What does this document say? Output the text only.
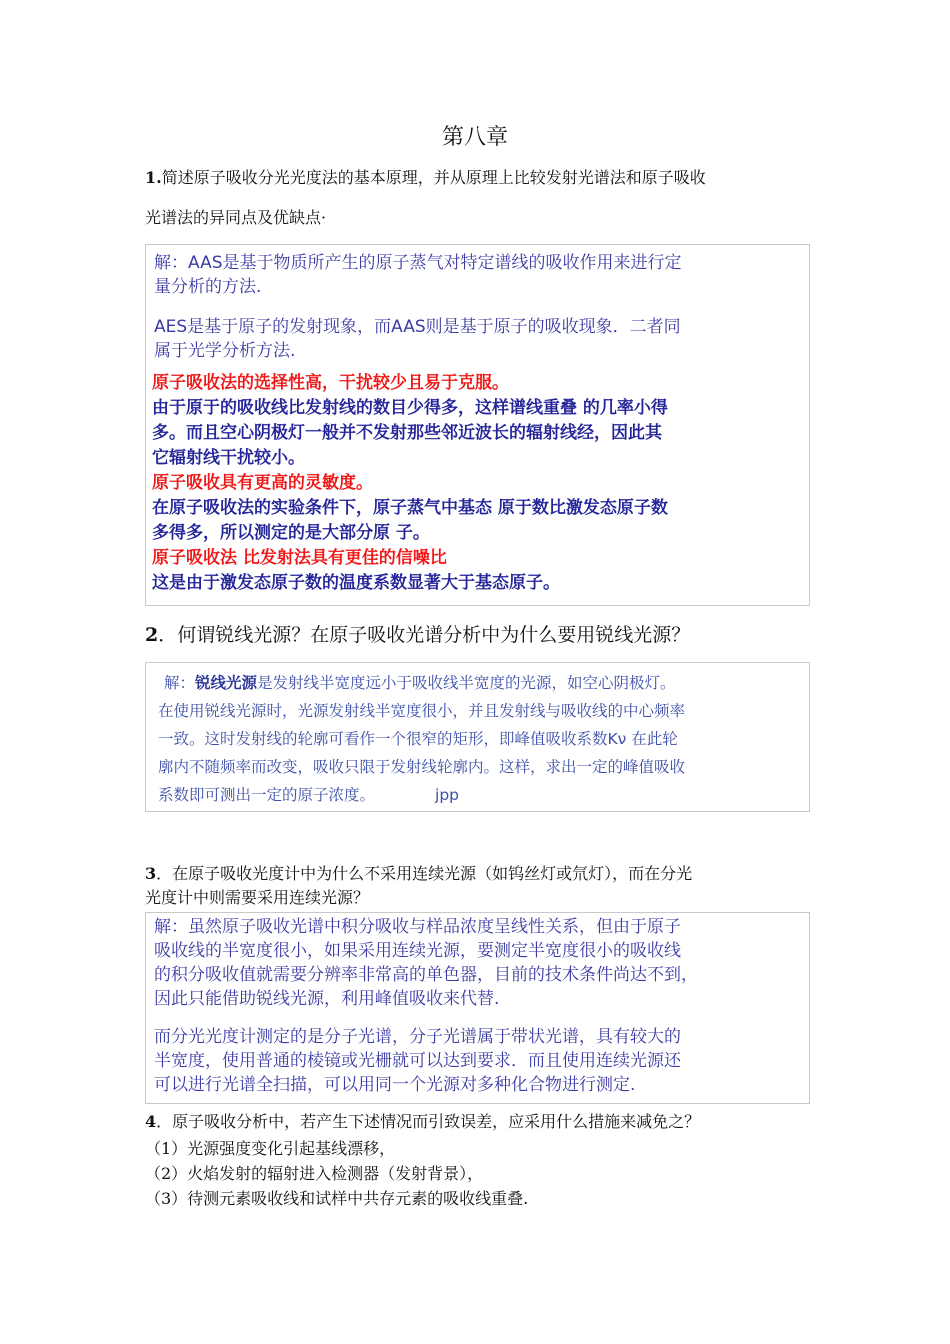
第八章
1.简述原子吸收分光光度法的基本原理，并从原理上比较发射光谱法和原子吸收
光谱法的异同点及优缺点·
解：AAS是基于物质所产生的原子蒸气对特定谱线的吸收作用来进行定
量分析的方法.
AES是基于原子的发射现象，而AAS则是基于原子的吸收现象．二者同
属于光学分析方法.
原子吸收法的选择性高，干扰较少且易于克服。
由于原于的吸收线比发射线的数目少得多，这样谱线重叠 的几率小得
多。而且空心阴极灯一般并不发射那些邻近波长的辐射线经，因此其
它辐射线干扰较小。
原子吸收具有更高的灵敏度。
在原子吸收法的实验条件下，原子蒸气中基态 原于数比激发态原子数
多得多，所以测定的是大部分原 子。
原子吸收法 比发射法具有更佳的信噪比
这是由于激发态原子数的温度系数显著大于基态原子。
2．何谓锐线光源？在原子吸收光谱分析中为什么要用锐线光源？
解：锐线光源是发射线半宽度远小于吸收线半宽度的光源，如空心阴极灯。
在使用锐线光源时，光源发射线半宽度很小，并且发射线与吸收线的中心频率
一致。这时发射线的轮廓可看作一个很窄的矩形，即峰值吸收系数Kν 在此轮
廓内不随频率而改变，吸收只限于发射线轮廓内。这样，求出一定的峰值吸收
系数即可测出一定的原子浓度。	jpp
3．在原子吸收光度计中为什么不采用连续光源（如钨丝灯或氘灯），而在分光
光度计中则需要采用连续光源？
解：虽然原子吸收光谱中积分吸收与样品浓度呈线性关系，但由于原子
吸收线的半宽度很小，如果采用连续光源，要测定半宽度很小的吸收线
的积分吸收值就需要分辨率非常高的单色器，目前的技术条件尚达不到，
因此只能借助锐线光源，利用峰值吸收来代替.
而分光光度计测定的是分子光谱，分子光谱属于带状光谱，具有较大的
半宽度，使用普通的棱镜或光栅就可以达到要求．而且使用连续光源还
可以进行光谱全扫描，可以用同一个光源对多种化合物进行测定.
4．原子吸收分析中，若产生下述情况而引致误差，应采用什么措施来减免之？
（1）光源强度变化引起基线漂移，
（2）火焰发射的辐射进入检测器（发射背景），
（3）待测元素吸收线和试样中共存元素的吸收线重叠.
